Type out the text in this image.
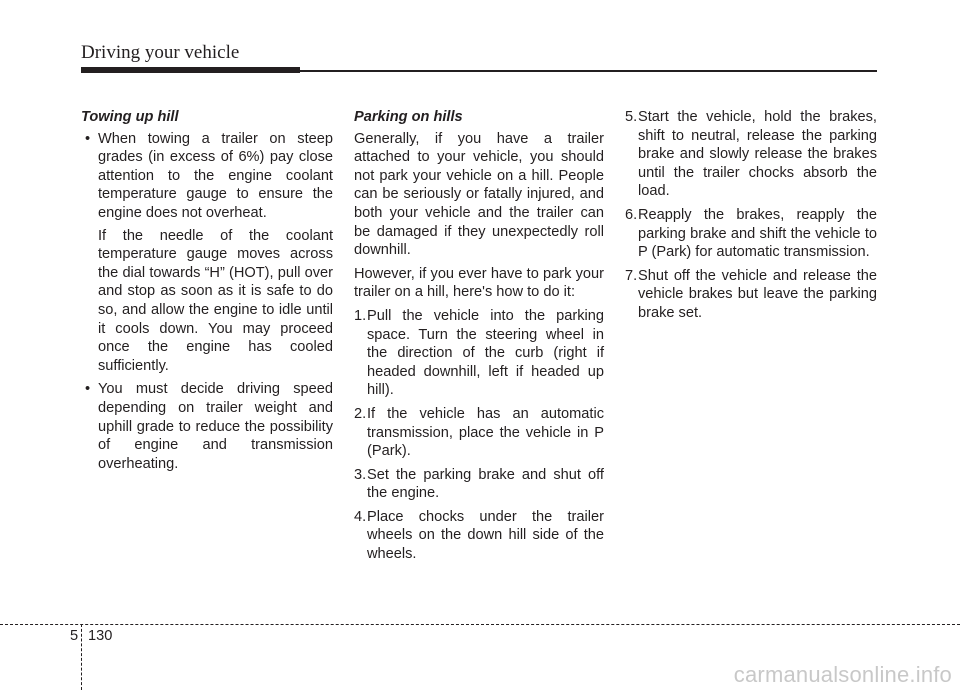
Driving your vehicle
Towing up hill
• When towing a trailer on steep grades (in excess of 6%) pay close attention to the engine coolant temperature gauge to ensure the engine does not overheat.
If the needle of the coolant temperature gauge moves across the dial towards “H” (HOT), pull over and stop as soon as it is safe to do so, and allow the engine to idle until it cools down. You may proceed once the engine has cooled sufficiently.
• You must decide driving speed depending on trailer weight and uphill grade to reduce the possibility of engine and transmission overheating.
Parking on hills

Generally, if you have a trailer attached to your vehicle, you should not park your vehicle on a hill. People can be seriously or fatally injured, and both your vehicle and the trailer can be damaged if they unexpectedly roll downhill.

However, if you ever have to park your trailer on a hill, here's how to do it:

1. Pull the vehicle into the parking space. Turn the steering wheel in the direction of the curb (right if headed downhill, left if headed up hill).
2. If the vehicle has an automatic transmission, place the vehicle in P (Park).
3. Set the parking brake and shut off the engine.
4. Place chocks under the trailer wheels on the down hill side of the wheels.
5. Start the vehicle, hold the brakes, shift to neutral, release the parking brake and slowly release the brakes until the trailer chocks absorb the load.
6. Reapply the brakes, reapply the parking brake and shift the vehicle to P (Park) for automatic transmission.
7. Shut off the vehicle and release the vehicle brakes but leave the parking brake set.
5 130
carmanualsonline.info
